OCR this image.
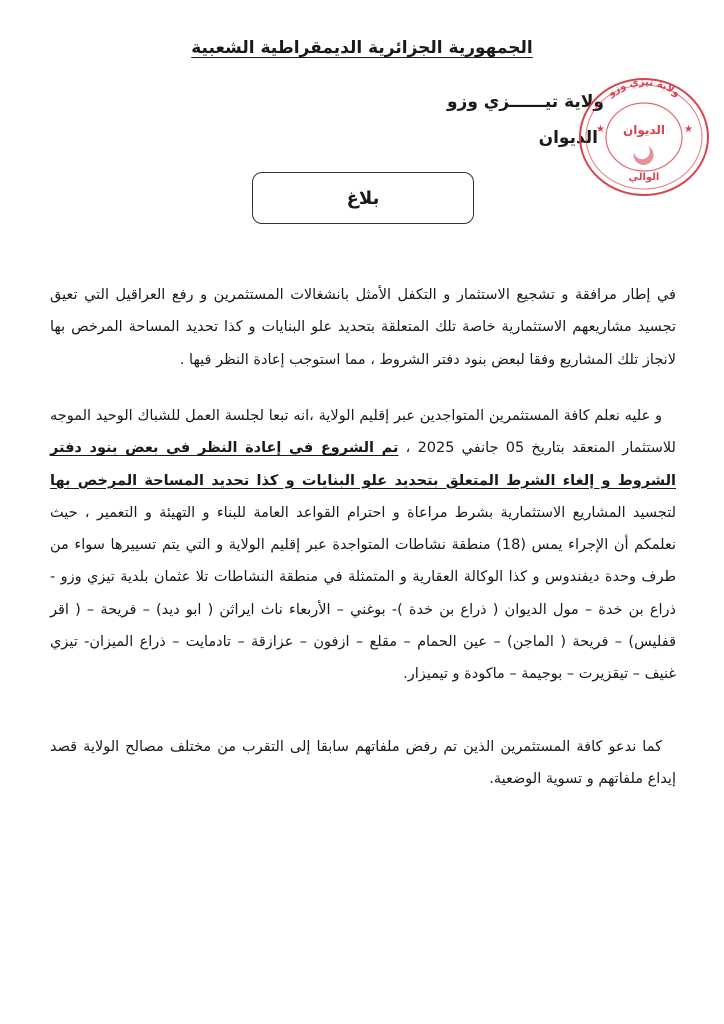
الجمهورية الجزائرية الديمقراطية الشعبية
ولاية تيــــــزي وزو
الديوان
ولاية تيزي وزو
الديوان
الوالي
★	★
بلاغ

في إطار مرافقة و تشجيع الاستثمار و التكفل الأمثل بانشغالات المستثمرين و رفع العراقيل التي تعيق تجسيد مشاريعهم الاستثمارية خاصة تلك المتعلقة بتحديد علو البنايات و كذا تحديد المساحة المرخص بها لانجاز تلك المشاريع وفقا لبعض بنود دفتر الشروط ، مما استوجب إعادة النظر فيها .

و عليه نعلم كافة المستثمرين المتواجدين عبر إقليم الولاية ،انه تبعا لجلسة العمل للشباك الوحيد الموجه للاستثمار المنعقد بتاريخ 05 جانفي 2025 ، تم الشروع في إعادة النظر في بعض بنود دفتر الشروط و إلغاء الشرط المتعلق بتحديد علو البنايات و كذا تحديد المساحة المرخص بها لتجسيد المشاريع الاستثمارية بشرط مراعاة و احترام القواعد العامة للبناء و التهيئة و التعمير ، حيث نعلمكم أن الإجراء يمس (18) منطقة نشاطات المتواجدة عبر إقليم الولاية و التي يتم تسييرها سواء من طرف وحدة ديفندوس و كذا الوكالة العقارية و المتمثلة في منطقة النشاطات تلا عثمان بلدية تيزي وزو - ذراع بن خدة – مول الديوان ( ذراع بن خدة )- بوغني – الأربعاء ناث ايراثن ( ابو ديد) – فريحة – ( اقر قفليس) – فريحة ( الماجن) – عين الحمام – مقلع – ازفون – عزازقة – تادمايت – ذراع الميزان- تيزي غنيف – تيقزيرت – بوجيمة – ماكودة و تيميزار.

كما ندعو كافة المستثمرين الذين تم رفض ملفاتهم سابقا إلى التقرب من مختلف مصالح الولاية قصد إيداع ملفاتهم و تسوية الوضعية.
